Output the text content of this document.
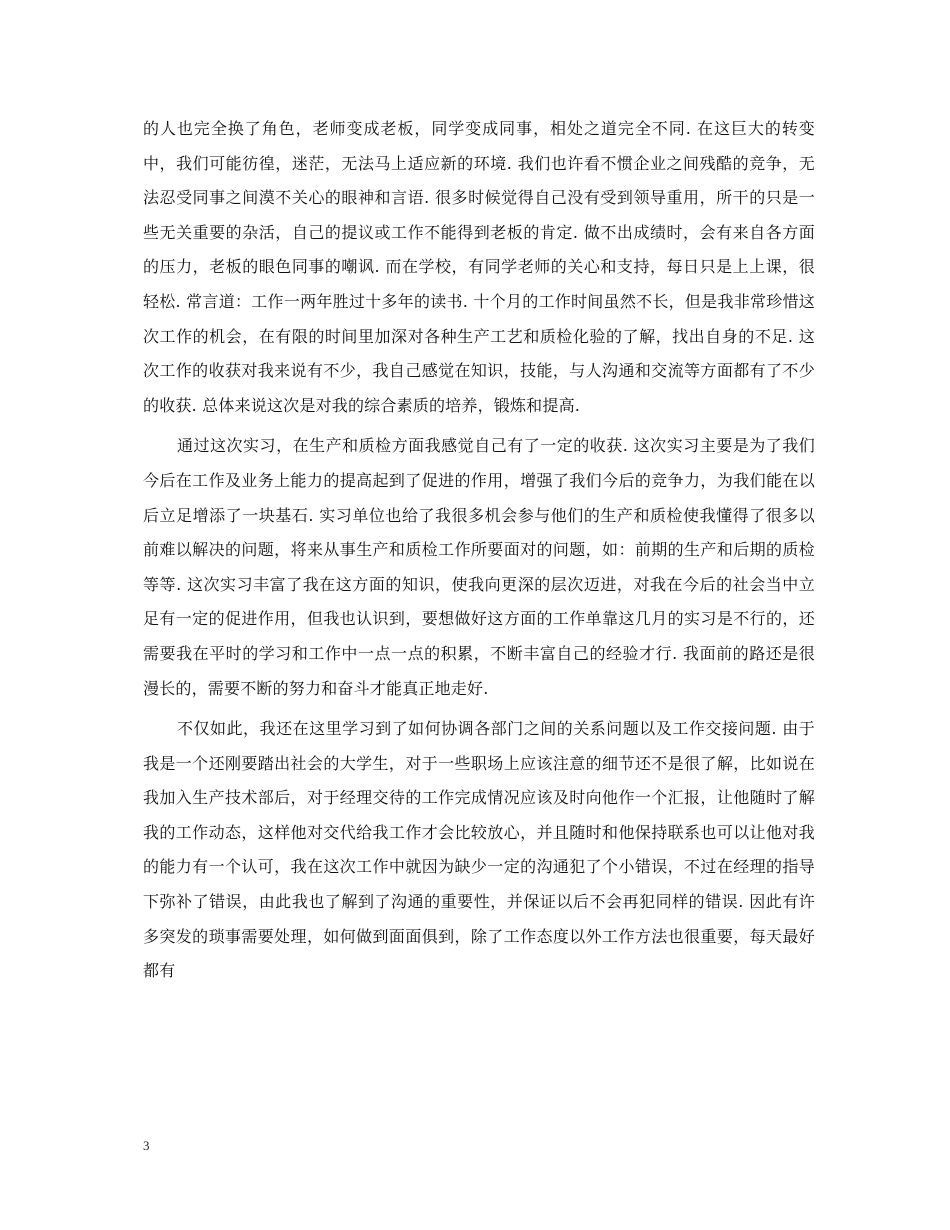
的人也完全换了角色，老师变成老板，同学变成同事，相处之道完全不同. 在这巨大的转变中，我们可能彷徨，迷茫，无法马上适应新的环境. 我们也许看不惯企业之间残酷的竞争，无法忍受同事之间漠不关心的眼神和言语. 很多时候觉得自己没有受到领导重用，所干的只是一些无关重要的杂活，自己的提议或工作不能得到老板的肯定. 做不出成绩时，会有来自各方面的压力，老板的眼色同事的嘲讽. 而在学校，有同学老师的关心和支持，每日只是上上课，很轻松. 常言道：工作一两年胜过十多年的读书. 十个月的工作时间虽然不长，但是我非常珍惜这次工作的机会，在有限的时间里加深对各种生产工艺和质检化验的了解，找出自身的不足. 这次工作的收获对我来说有不少，我自己感觉在知识，技能，与人沟通和交流等方面都有了不少的收获. 总体来说这次是对我的综合素质的培养，锻炼和提高.

通过这次实习，在生产和质检方面我感觉自己有了一定的收获. 这次实习主要是为了我们今后在工作及业务上能力的提高起到了促进的作用，增强了我们今后的竞争力，为我们能在以后立足增添了一块基石. 实习单位也给了我很多机会参与他们的生产和质检使我懂得了很多以前难以解决的问题，将来从事生产和质检工作所要面对的问题，如：前期的生产和后期的质检等等. 这次实习丰富了我在这方面的知识，使我向更深的层次迈进，对我在今后的社会当中立足有一定的促进作用，但我也认识到，要想做好这方面的工作单靠这几月的实习是不行的，还需要我在平时的学习和工作中一点一点的积累，不断丰富自己的经验才行. 我面前的路还是很漫长的，需要不断的努力和奋斗才能真正地走好.

不仅如此，我还在这里学习到了如何协调各部门之间的关系问题以及工作交接问题. 由于我是一个还刚要踏出社会的大学生，对于一些职场上应该注意的细节还不是很了解，比如说在我加入生产技术部后，对于经理交待的工作完成情况应该及时向他作一个汇报，让他随时了解我的工作动态，这样他对交代给我工作才会比较放心，并且随时和他保持联系也可以让他对我的能力有一个认可，我在这次工作中就因为缺少一定的沟通犯了个小错误，不过在经理的指导下弥补了错误，由此我也了解到了沟通的重要性，并保证以后不会再犯同样的错误. 因此有许多突发的琐事需要处理，如何做到面面俱到，除了工作态度以外工作方法也很重要，每天最好都有

3
